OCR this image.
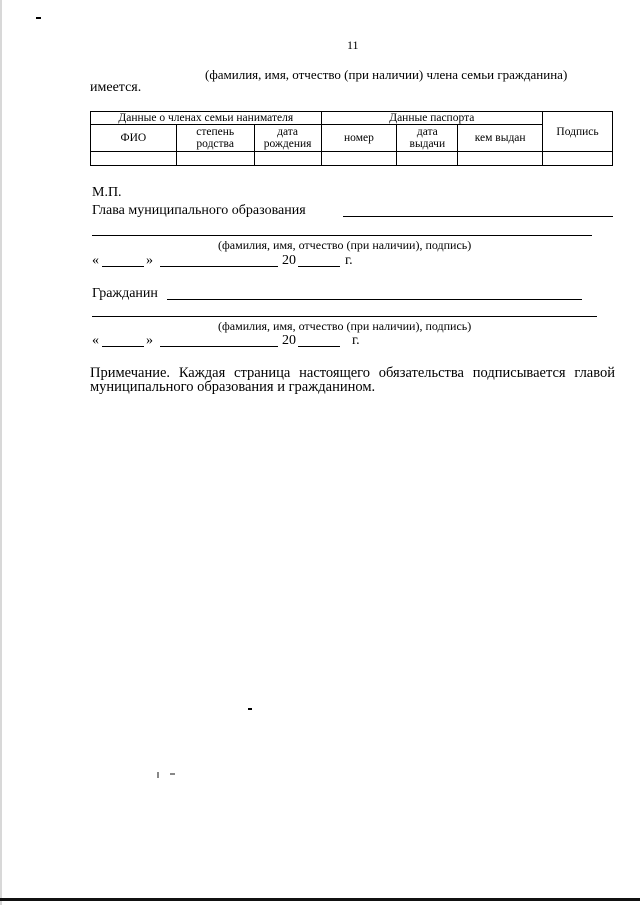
11
(фамилия, имя, отчество (при наличии) члена семьи гражданина)
имеется.
Данные о членах семьи нанимателя			Данные паспорта			Подпись
ФИО	степень родства	дата рождения	номер	дата выдачи	кем выдан	

М.П.
Глава муниципального образования
(фамилия, имя, отчество (при наличии), подпись)
«	»	20	г.
Гражданин
(фамилия, имя, отчество (при наличии), подпись)
«	»	20	г.
Примечание. Каждая страница настоящего обязательства подписывается главой муниципального образования и гражданином.
